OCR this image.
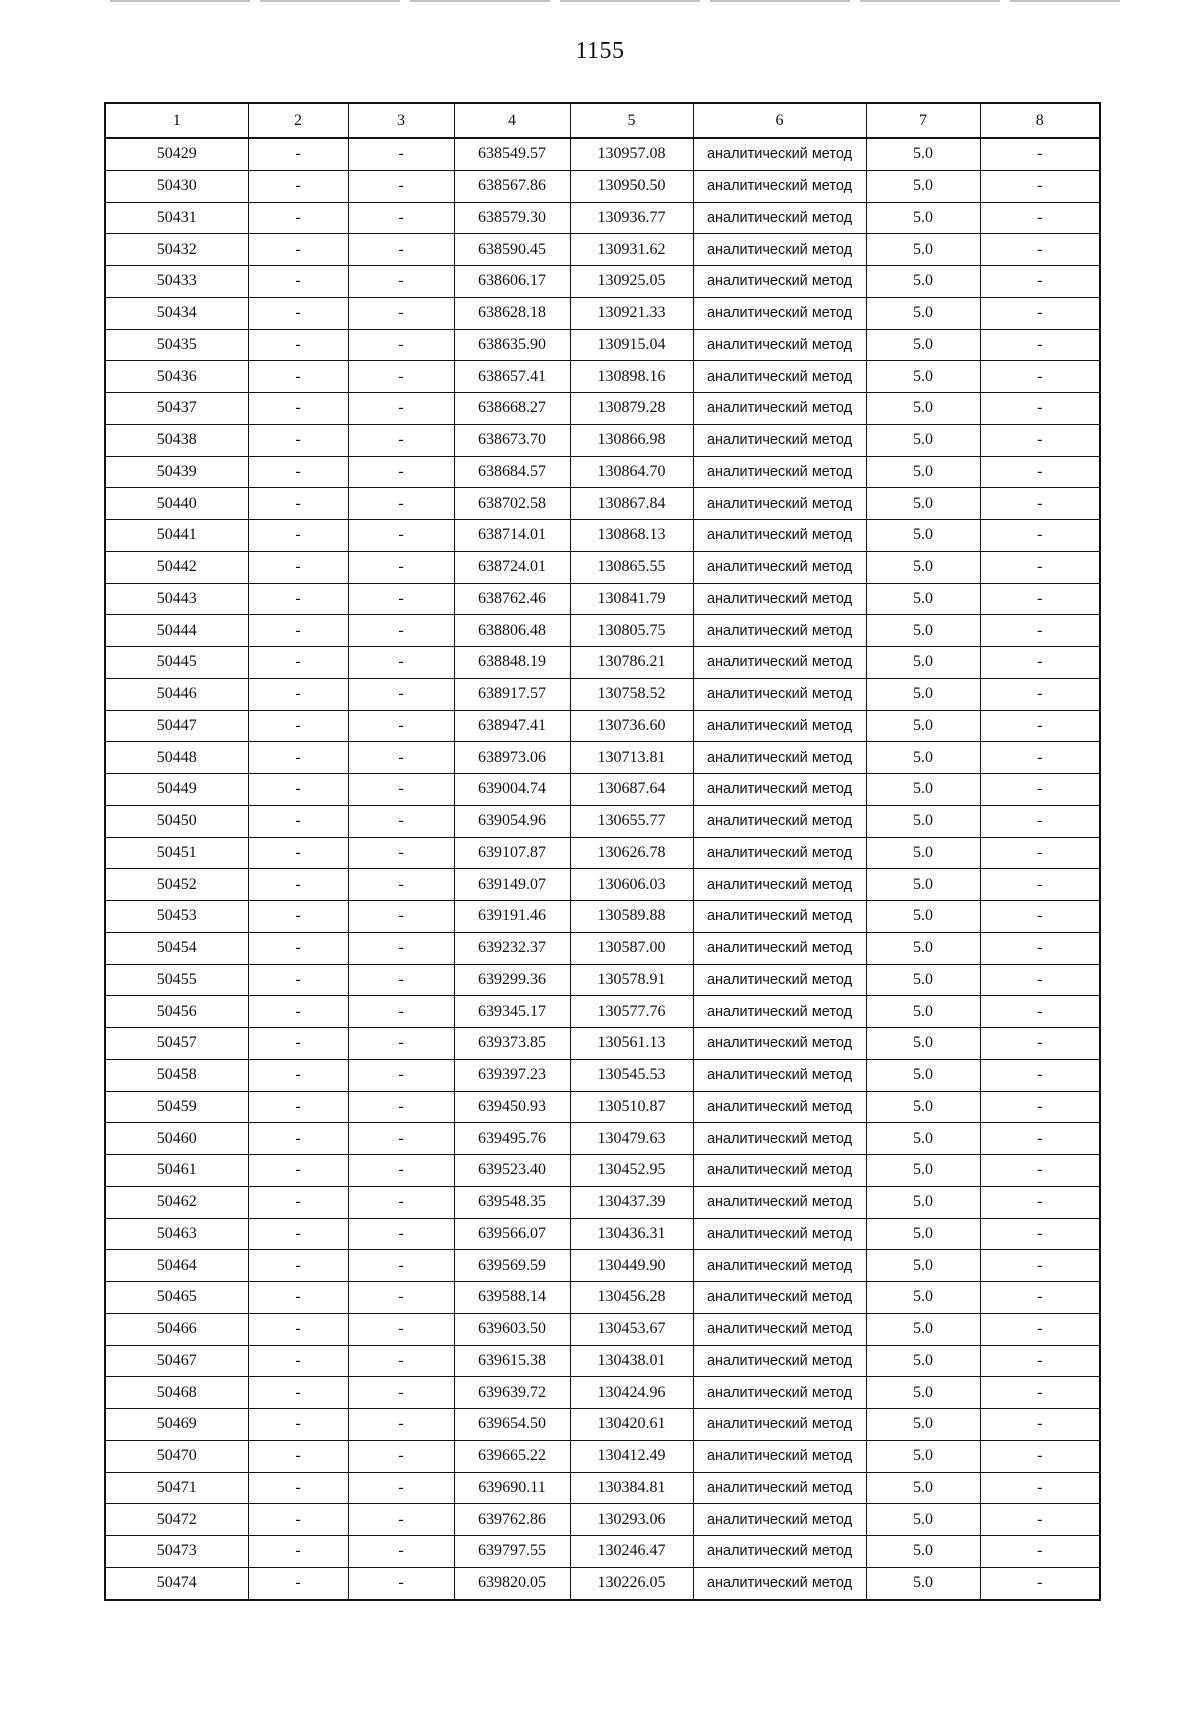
1155
1	2	3	4	5	6	7	8
50429	-	-	638549.57	130957.08	аналитический метод	5.0	-
50430	-	-	638567.86	130950.50	аналитический метод	5.0	-
50431	-	-	638579.30	130936.77	аналитический метод	5.0	-
50432	-	-	638590.45	130931.62	аналитический метод	5.0	-
50433	-	-	638606.17	130925.05	аналитический метод	5.0	-
50434	-	-	638628.18	130921.33	аналитический метод	5.0	-
50435	-	-	638635.90	130915.04	аналитический метод	5.0	-
50436	-	-	638657.41	130898.16	аналитический метод	5.0	-
50437	-	-	638668.27	130879.28	аналитический метод	5.0	-
50438	-	-	638673.70	130866.98	аналитический метод	5.0	-
50439	-	-	638684.57	130864.70	аналитический метод	5.0	-
50440	-	-	638702.58	130867.84	аналитический метод	5.0	-
50441	-	-	638714.01	130868.13	аналитический метод	5.0	-
50442	-	-	638724.01	130865.55	аналитический метод	5.0	-
50443	-	-	638762.46	130841.79	аналитический метод	5.0	-
50444	-	-	638806.48	130805.75	аналитический метод	5.0	-
50445	-	-	638848.19	130786.21	аналитический метод	5.0	-
50446	-	-	638917.57	130758.52	аналитический метод	5.0	-
50447	-	-	638947.41	130736.60	аналитический метод	5.0	-
50448	-	-	638973.06	130713.81	аналитический метод	5.0	-
50449	-	-	639004.74	130687.64	аналитический метод	5.0	-
50450	-	-	639054.96	130655.77	аналитический метод	5.0	-
50451	-	-	639107.87	130626.78	аналитический метод	5.0	-
50452	-	-	639149.07	130606.03	аналитический метод	5.0	-
50453	-	-	639191.46	130589.88	аналитический метод	5.0	-
50454	-	-	639232.37	130587.00	аналитический метод	5.0	-
50455	-	-	639299.36	130578.91	аналитический метод	5.0	-
50456	-	-	639345.17	130577.76	аналитический метод	5.0	-
50457	-	-	639373.85	130561.13	аналитический метод	5.0	-
50458	-	-	639397.23	130545.53	аналитический метод	5.0	-
50459	-	-	639450.93	130510.87	аналитический метод	5.0	-
50460	-	-	639495.76	130479.63	аналитический метод	5.0	-
50461	-	-	639523.40	130452.95	аналитический метод	5.0	-
50462	-	-	639548.35	130437.39	аналитический метод	5.0	-
50463	-	-	639566.07	130436.31	аналитический метод	5.0	-
50464	-	-	639569.59	130449.90	аналитический метод	5.0	-
50465	-	-	639588.14	130456.28	аналитический метод	5.0	-
50466	-	-	639603.50	130453.67	аналитический метод	5.0	-
50467	-	-	639615.38	130438.01	аналитический метод	5.0	-
50468	-	-	639639.72	130424.96	аналитический метод	5.0	-
50469	-	-	639654.50	130420.61	аналитический метод	5.0	-
50470	-	-	639665.22	130412.49	аналитический метод	5.0	-
50471	-	-	639690.11	130384.81	аналитический метод	5.0	-
50472	-	-	639762.86	130293.06	аналитический метод	5.0	-
50473	-	-	639797.55	130246.47	аналитический метод	5.0	-
50474	-	-	639820.05	130226.05	аналитический метод	5.0	-
